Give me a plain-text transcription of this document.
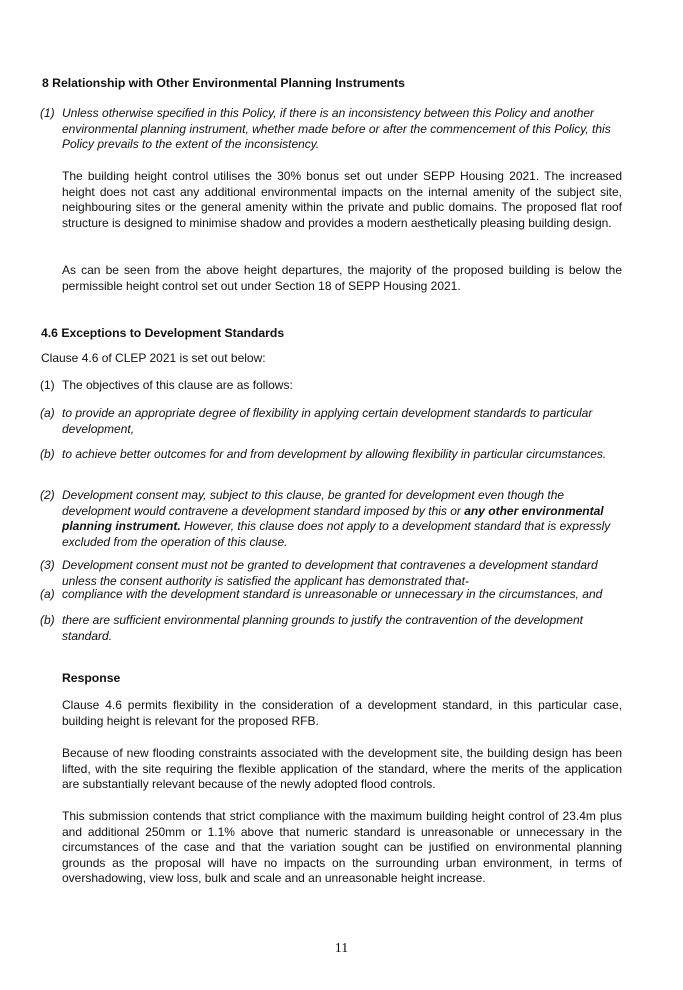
8 Relationship with Other Environmental Planning Instruments
(1) Unless otherwise specified in this Policy, if there is an inconsistency between this Policy and another environmental planning instrument, whether made before or after the commencement of this Policy, this Policy prevails to the extent of the inconsistency.
The building height control utilises the 30% bonus set out under SEPP Housing 2021. The increased height does not cast any additional environmental impacts on the internal amenity of the subject site, neighbouring sites or the general amenity within the private and public domains. The proposed flat roof structure is designed to minimise shadow and provides a modern aesthetically pleasing building design.
As can be seen from the above height departures, the majority of the proposed building is below the permissible height control set out under Section 18 of SEPP Housing 2021.
4.6 Exceptions to Development Standards
Clause 4.6 of CLEP 2021 is set out below:
(1) The objectives of this clause are as follows:
(a) to provide an appropriate degree of flexibility in applying certain development standards to particular development,
(b) to achieve better outcomes for and from development by allowing flexibility in particular circumstances.
(2) Development consent may, subject to this clause, be granted for development even though the development would contravene a development standard imposed by this or any other environmental planning instrument. However, this clause does not apply to a development standard that is expressly excluded from the operation of this clause.
(3) Development consent must not be granted to development that contravenes a development standard unless the consent authority is satisfied the applicant has demonstrated that-
(a) compliance with the development standard is unreasonable or unnecessary in the circumstances, and
(b) there are sufficient environmental planning grounds to justify the contravention of the development standard.
Response
Clause 4.6 permits flexibility in the consideration of a development standard, in this particular case, building height is relevant for the proposed RFB.
Because of new flooding constraints associated with the development site, the building design has been lifted, with the site requiring the flexible application of the standard, where the merits of the application are substantially relevant because of the newly adopted flood controls.
This submission contends that strict compliance with the maximum building height control of 23.4m plus and additional 250mm or 1.1% above that numeric standard is unreasonable or unnecessary in the circumstances of the case and that the variation sought can be justified on environmental planning grounds as the proposal will have no impacts on the surrounding urban environment, in terms of overshadowing, view loss, bulk and scale and an unreasonable height increase.
11
